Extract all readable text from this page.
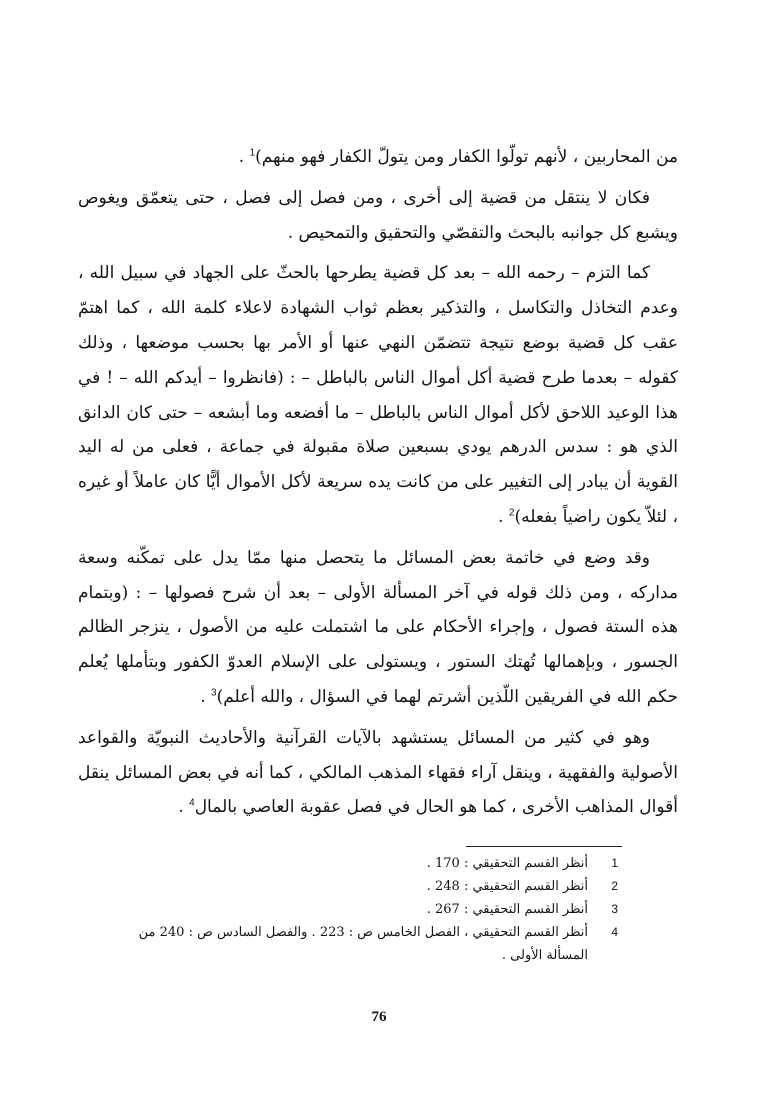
من المحاربين ، لأنهم تولّوا الكفار ومن يتولّ الكفار فهو منهم)$^1$ .

فكان لا ينتقل من قضية إلى أخرى ، ومن فصل إلى فصل ، حتى يتعمّق ويغوص ويشبع كل جوانبه بالبحث والتقصّي والتحقيق والتمحيص .

كما التزم – رحمه الله – بعد كل قضية يطرحها بالحثّ على الجهاد في سبيل الله ، وعدم التخاذل والتكاسل ، والتذكير بعظم ثواب الشهادة لاعلاء كلمة الله ، كما اهتمّ عقب كل قضية بوضع نتيجة تتضمّن النهي عنها أو الأمر بها بحسب موضعها ، وذلك كقوله – بعدما طرح قضية أكل أموال الناس بالباطل – : (فانظروا – أيدكم الله – ! في هذا الوعيد اللاحق لأكل أموال الناس بالباطل – ما أفضعه وما أبشعه – حتى كان الدانق الذي هو : سدس الدرهم يودي بسبعين صلاة مقبولة في جماعة ، فعلى من له اليد القوية أن يبادر إلى التغيير على من كانت يده سريعة لأكل الأموال أيًّا كان عاملاً أو غيره ، لئلاّ يكون راضياً بفعله)$^2$ .

وقد وضع في خاتمة بعض المسائل ما يتحصل منها ممّا يدل على تمكّنه وسعة مداركه ، ومن ذلك قوله في آخر المسألة الأولى – بعد أن شرح فصولها – : (وبتمام هذه الستة فصول ، وإجراء الأحكام على ما اشتملت عليه من الأصول ، ينزجر الظالم الجسور ، وبإهمالها تُهتك الستور ، ويستولى على الإسلام العدوّ الكفور وبتأملها يُعلم حكم الله في الفريقين اللّذين أشرتم لهما في السؤال ، والله أعلم)$^3$ .

وهو في كثير من المسائل يستشهد بالآيات القرآنية والأحاديث النبويّة والقواعد الأصولية والفقهية ، وينقل آراء فقهاء المذهب المالكي ، كما أنه في بعض المسائل ينقل أقوال المذاهب الأخرى ، كما هو الحال في فصل عقوبة العاصي بالمال$^4$ .

1
أنظر القسم التحقيقي : 170 .
2
أنظر القسم التحقيقي : 248 .
3
أنظر القسم التحقيقي : 267 .
4
أنظر القسم التحقيقي ، الفصل الخامس ص : 223 . والفصل السادس ص : 240 من المسألة الأولى .
76
